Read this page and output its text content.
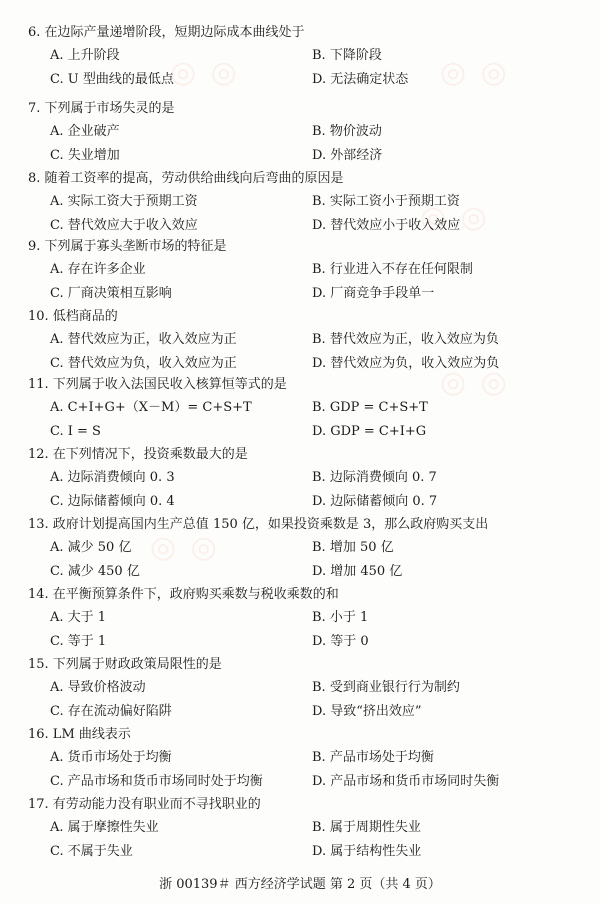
◎ ◎	◎ ◎
◎ ◎
◎ ◎
◎ ◎
6. 在边际产量递增阶段，短期边际成本曲线处于
A. 上升阶段	B. 下降阶段
C. U 型曲线的最低点	D. 无法确定状态
7. 下列属于市场失灵的是
A. 企业破产	B. 物价波动
C. 失业增加	D. 外部经济
8. 随着工资率的提高，劳动供给曲线向后弯曲的原因是
A. 实际工资大于预期工资	B. 实际工资小于预期工资
C. 替代效应大于收入效应	D. 替代效应小于收入效应
9. 下列属于寡头垄断市场的特征是
A. 存在许多企业	B. 行业进入不存在任何限制
C. 厂商决策相互影响	D. 厂商竞争手段单一
10. 低档商品的
A. 替代效应为正，收入效应为正	B. 替代效应为正，收入效应为负
C. 替代效应为负，收入效应为正	D. 替代效应为负，收入效应为负
11. 下列属于收入法国民收入核算恒等式的是
A. C+I+G+（X－M）= C+S+T	B. GDP = C+S+T
C. I = S	D. GDP = C+I+G
12. 在下列情况下，投资乘数最大的是
A. 边际消费倾向 0. 3	B. 边际消费倾向 0. 7
C. 边际储蓄倾向 0. 4	D. 边际储蓄倾向 0. 7
13. 政府计划提高国内生产总值 150 亿，如果投资乘数是 3，那么政府购买支出
A. 减少 50 亿	B. 增加 50 亿
C. 减少 450 亿	D. 增加 450 亿
14. 在平衡预算条件下，政府购买乘数与税收乘数的和
A. 大于 1	B. 小于 1
C. 等于 1	D. 等于 0
15. 下列属于财政政策局限性的是
A. 导致价格波动	B. 受到商业银行行为制约
C. 存在流动偏好陷阱	D. 导致“挤出效应”
16. LM 曲线表示
A. 货币市场处于均衡	B. 产品市场处于均衡
C. 产品市场和货币市场同时处于均衡	D. 产品市场和货币市场同时失衡
17. 有劳动能力没有职业而不寻找职业的
A. 属于摩擦性失业	B. 属于周期性失业
C. 不属于失业	D. 属于结构性失业
浙 00139＃ 西方经济学试题 第 2 页（共 4 页）
